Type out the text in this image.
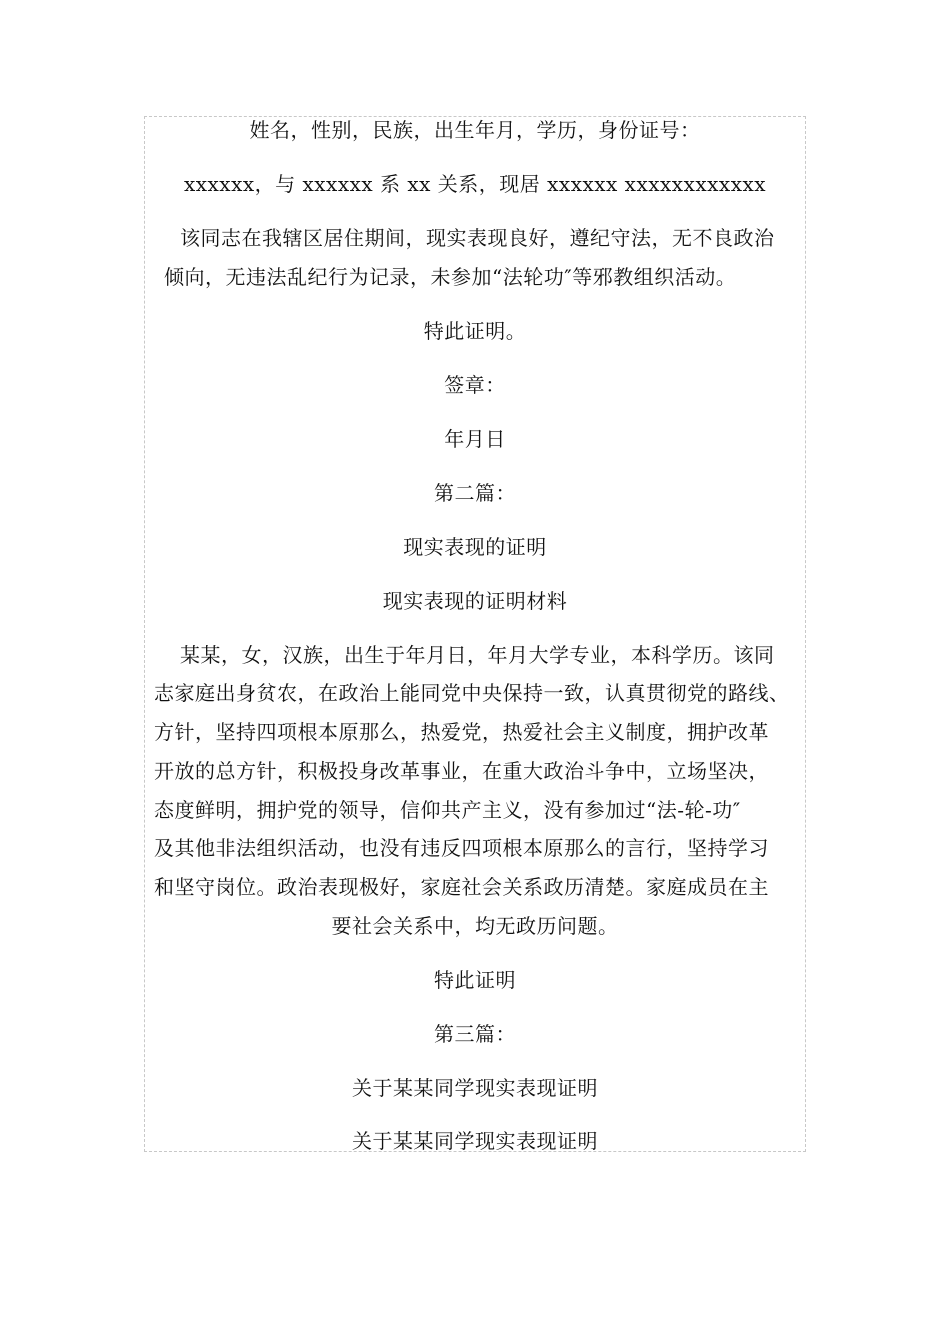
姓名，性别，民族，出生年月，学历，身份证号：
xxxxxx，与 xxxxxx 系 xx 关系，现居 xxxxxx xxxxxxxxxxxx
该同志在我辖区居住期间，现实表现良好，遵纪守法，无不良政治
倾向，无违法乱纪行为记录，未参加“法轮功″等邪教组织活动。
特此证明。
签章：
年月日
第二篇：
现实表现的证明
现实表现的证明材料
某某，女，汉族，出生于年月日，年月大学专业，本科学历。该同
志家庭出身贫农，在政治上能同党中央保持一致，认真贯彻党的路线、
方针，坚持四项根本原那么，热爱党，热爱社会主义制度，拥护改革
开放的总方针，积极投身改革事业，在重大政治斗争中，立场坚决，
态度鲜明，拥护党的领导，信仰共产主义，没有参加过“法-轮-功″
及其他非法组织活动，也没有违反四项根本原那么的言行，坚持学习
和坚守岗位。政治表现极好，家庭社会关系政历清楚。家庭成员在主
要社会关系中，均无政历问题。
特此证明
第三篇：
关于某某同学现实表现证明
关于某某同学现实表现证明
